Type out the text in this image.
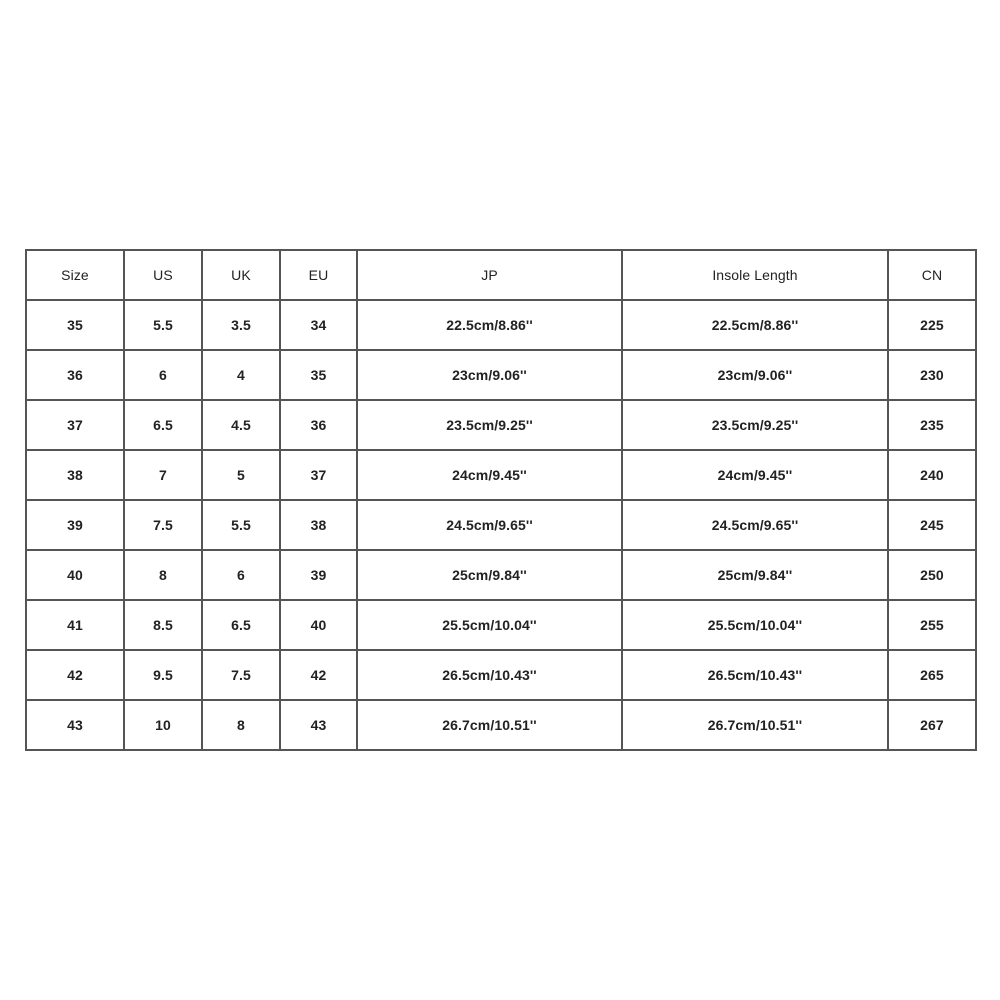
Size	US	UK	EU	JP	Insole Length	CN
35	5.5	3.5	34	22.5cm/8.86''	22.5cm/8.86''	225
36	6	4	35	23cm/9.06''	23cm/9.06''	230
37	6.5	4.5	36	23.5cm/9.25''	23.5cm/9.25''	235
38	7	5	37	24cm/9.45''	24cm/9.45''	240
39	7.5	5.5	38	24.5cm/9.65''	24.5cm/9.65''	245
40	8	6	39	25cm/9.84''	25cm/9.84''	250
41	8.5	6.5	40	25.5cm/10.04''	25.5cm/10.04''	255
42	9.5	7.5	42	26.5cm/10.43''	26.5cm/10.43''	265
43	10	8	43	26.7cm/10.51''	26.7cm/10.51''	267
